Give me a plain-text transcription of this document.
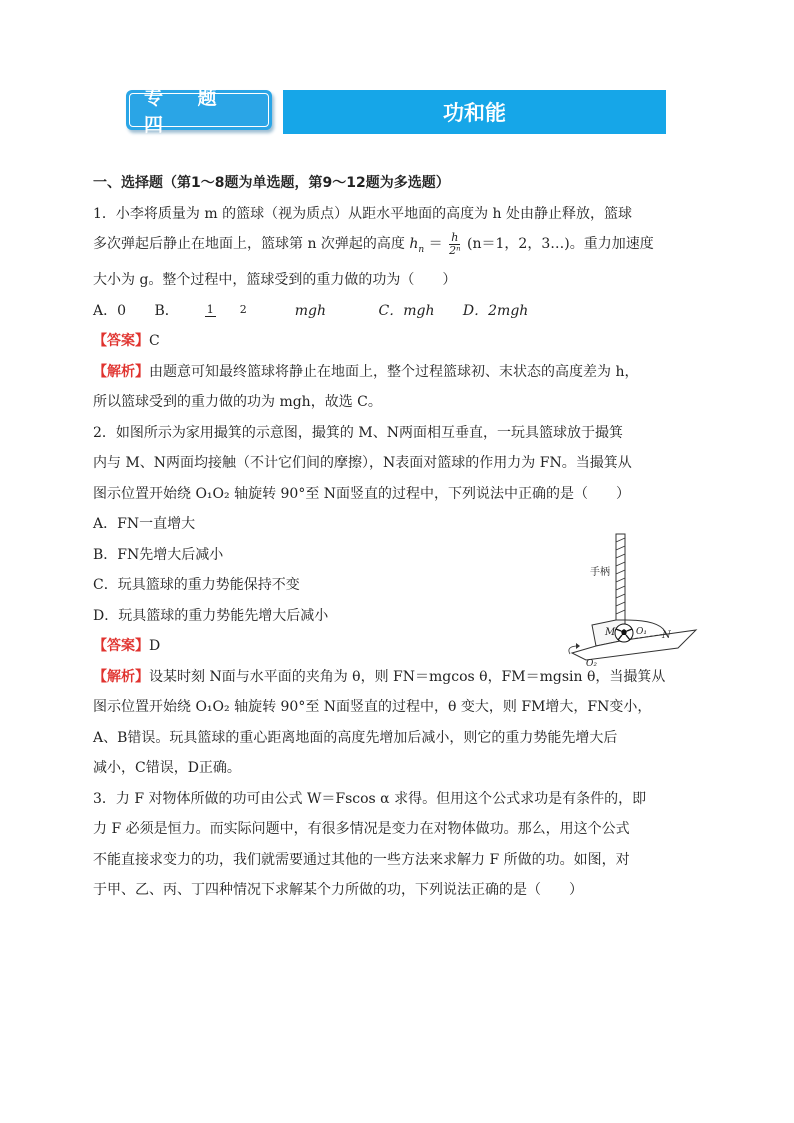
专 题 四	功和能
一、选择题（第1～8题为单选题，第9～12题为多选题）
1．小李将质量为 m 的篮球（视为质点）从距水平地面的高度为 h 处由静止释放，篮球
多次弹起后静止在地面上，篮球第 n 次弹起的高度 $h_n = \frac{h}{\text{2ⁿ}} (n=1$，2，3…)。重力加速度
大小为 g。整个过程中，篮球受到的重力做的功为（　　）
A．0 B．	1 2	mgh	C．mgh D．2mgh
【答案】C
【解析】由题意可知最终篮球将静止在地面上，整个过程篮球初、末状态的高度差为 h，
所以篮球受到的重力做的功为 mgh，故选 C。
2．如图所示为家用撮箕的示意图，撮箕的 M、N两面相互垂直，一玩具篮球放于撮箕
内与 M、N两面均接触（不计它们间的摩擦），N表面对篮球的作用力为 FN。当撮箕从
图示位置开始绕 O₁O₂ 轴旋转 90°至 N面竖直的过程中，下列说法中正确的是（　　）
A．FN一直增大
B．FN先增大后减小
C．玩具篮球的重力势能保持不变
D．玩具篮球的重力势能先增大后减小
【答案】D
【解析】设某时刻 N面与水平面的夹角为 θ，则 FN＝mgcos θ，FM＝mgsin θ，当撮箕从
图示位置开始绕 O₁O₂ 轴旋转 90°至 N面竖直的过程中，θ 变大，则 FM增大，FN变小，
A、B错误。玩具篮球的重心距离地面的高度先增加后减小，则它的重力势能先增大后
减小，C错误，D正确。
3．力 F 对物体所做的功可由公式 W＝Fscos α 求得。但用这个公式求功是有条件的，即
力 F 必须是恒力。而实际问题中，有很多情况是变力在对物体做功。那么，用这个公式
不能直接求变力的功，我们就需要通过其他的一些方法来求解力 F 所做的功。如图，对
于甲、乙、丙、丁四种情况下求解某个力所做的功，下列说法正确的是（　　）
手柄
M O₁ N
O₂
